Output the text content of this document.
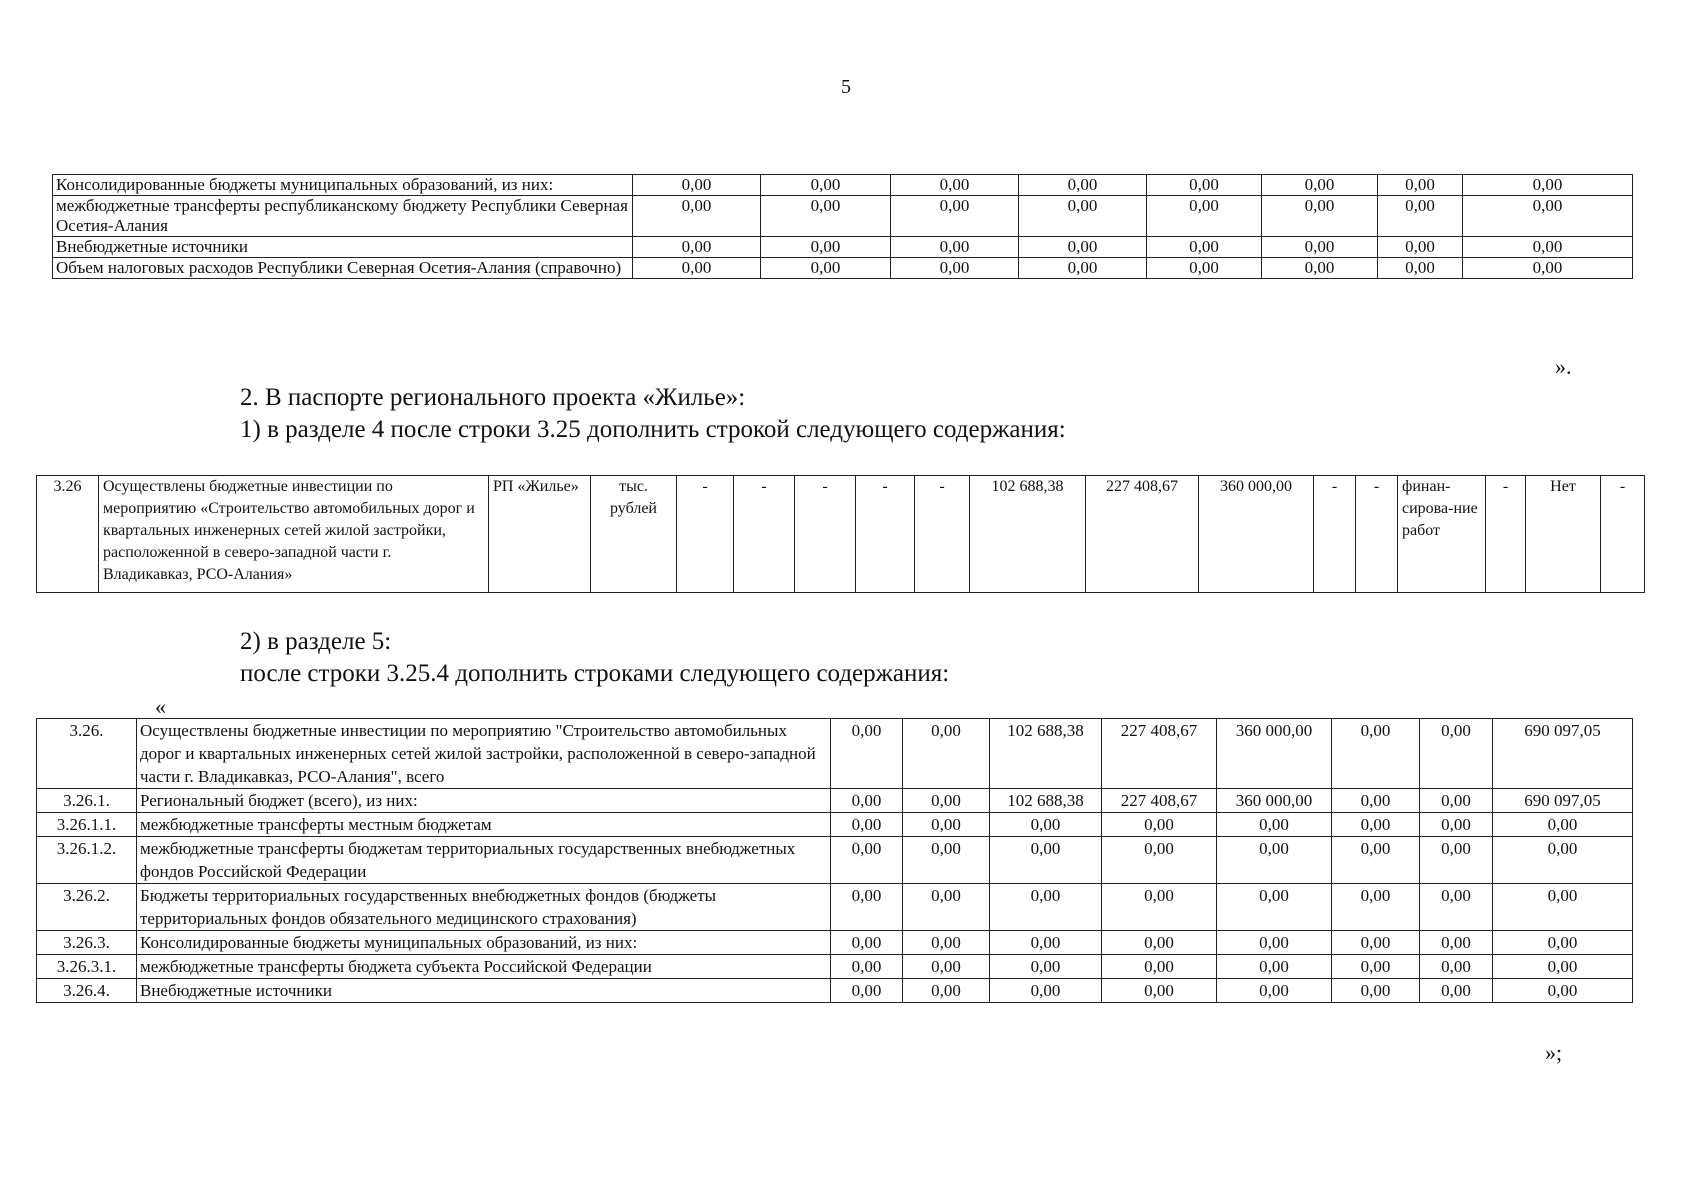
5
Консолидированные бюджеты муниципальных образований, из них:	0,00	0,00	0,00	0,00	0,00	0,00	0,00	0,00
межбюджетные трансферты республиканскому бюджету Республики Северная Осетия-Алания	0,00	0,00	0,00	0,00	0,00	0,00	0,00	0,00
Внебюджетные источники	0,00	0,00	0,00	0,00	0,00	0,00	0,00	0,00
Объем налоговых расходов Республики Северная Осетия-Алания (справочно)	0,00	0,00	0,00	0,00	0,00	0,00	0,00	0,00
».
2. В паспорте регионального проекта «Жилье»:
1) в разделе 4 после строки 3.25 дополнить строкой следующего содержания:
3.26	Осуществлены бюджетные инвестиции по мероприятию «Строительство автомобильных дорог и квартальных инженерных сетей жилой застройки, расположенной в северо-западной части г. Владикавказ, РСО-Алания»	РП «Жилье»	тыс. рублей	-	-	-	-	-	102 688,38	227 408,67	360 000,00	-	-	финан-сирова-ние работ	-	Нет	-
2) в разделе 5:
после строки 3.25.4 дополнить строками следующего содержания:
«
3.26.	Осуществлены бюджетные инвестиции по мероприятию "Строительство автомобильных дорог и квартальных инженерных сетей жилой застройки, расположенной в северо-западной части г. Владикавказ, РСО-Алания", всего	0,00	0,00	102 688,38	227 408,67	360 000,00	0,00	0,00	690 097,05
3.26.1.	Региональный бюджет (всего), из них:	0,00	0,00	102 688,38	227 408,67	360 000,00	0,00	0,00	690 097,05
3.26.1.1.	межбюджетные трансферты местным бюджетам	0,00	0,00	0,00	0,00	0,00	0,00	0,00	0,00
3.26.1.2.	межбюджетные трансферты бюджетам территориальных государственных внебюджетных фондов Российской Федерации	0,00	0,00	0,00	0,00	0,00	0,00	0,00	0,00
3.26.2.	Бюджеты территориальных государственных внебюджетных фондов (бюджеты территориальных фондов обязательного медицинского страхования)	0,00	0,00	0,00	0,00	0,00	0,00	0,00	0,00
3.26.3.	Консолидированные бюджеты муниципальных образований, из них:	0,00	0,00	0,00	0,00	0,00	0,00	0,00	0,00
3.26.3.1.	межбюджетные трансферты бюджета субъекта Российской Федерации	0,00	0,00	0,00	0,00	0,00	0,00	0,00	0,00
3.26.4.	Внебюджетные источники	0,00	0,00	0,00	0,00	0,00	0,00	0,00	0,00
»;
